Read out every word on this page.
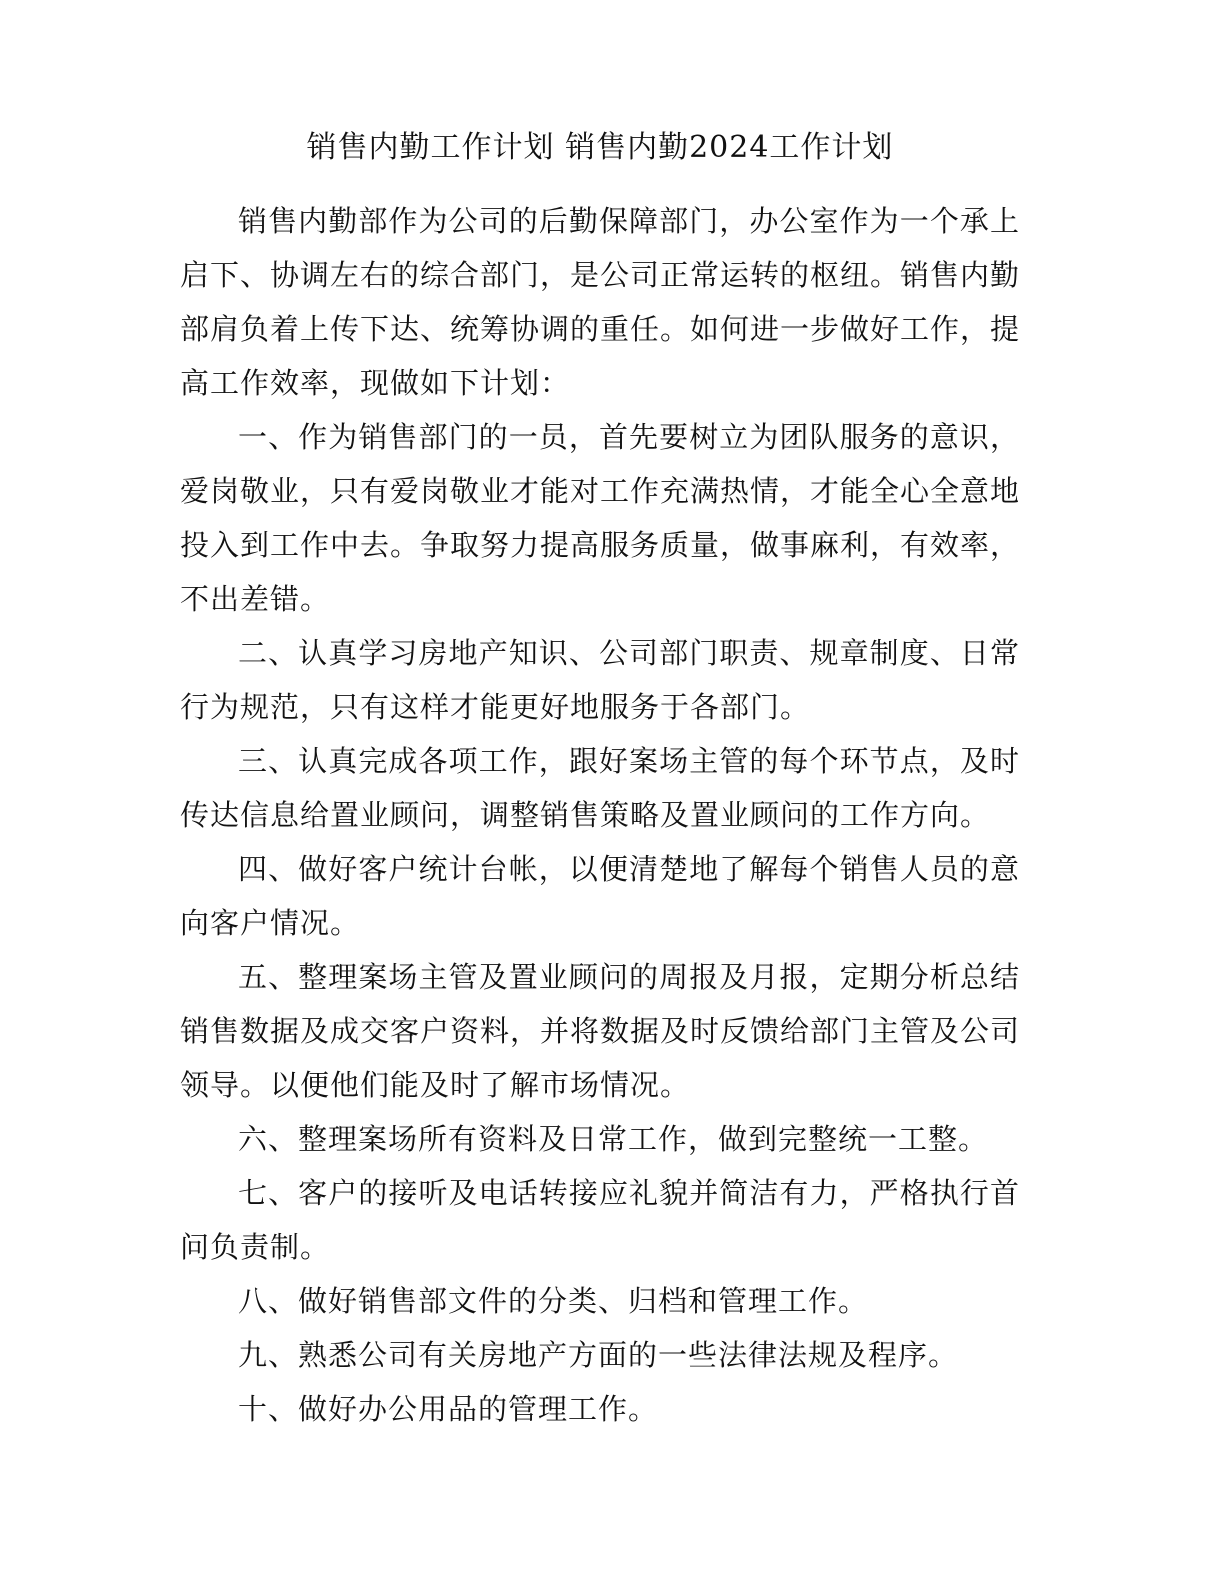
销售内勤工作计划 销售内勤2024工作计划

销售内勤部作为公司的后勤保障部门，办公室作为一个承上启下、协调左右的综合部门，是公司正常运转的枢纽。销售内勤部肩负着上传下达、统筹协调的重任。如何进一步做好工作，提高工作效率，现做如下计划：

一、作为销售部门的一员，首先要树立为团队服务的意识，爱岗敬业，只有爱岗敬业才能对工作充满热情，才能全心全意地投入到工作中去。争取努力提高服务质量，做事麻利，有效率，不出差错。

二、认真学习房地产知识、公司部门职责、规章制度、日常行为规范，只有这样才能更好地服务于各部门。

三、认真完成各项工作，跟好案场主管的每个环节点，及时传达信息给置业顾问，调整销售策略及置业顾问的工作方向。

四、做好客户统计台帐，以便清楚地了解每个销售人员的意向客户情况。

五、整理案场主管及置业顾问的周报及月报，定期分析总结销售数据及成交客户资料，并将数据及时反馈给部门主管及公司领导。以便他们能及时了解市场情况。

六、整理案场所有资料及日常工作，做到完整统一工整。

七、客户的接听及电话转接应礼貌并简洁有力，严格执行首问负责制。

八、做好销售部文件的分类、归档和管理工作。

九、熟悉公司有关房地产方面的一些法律法规及程序。

十、做好办公用品的管理工作。
